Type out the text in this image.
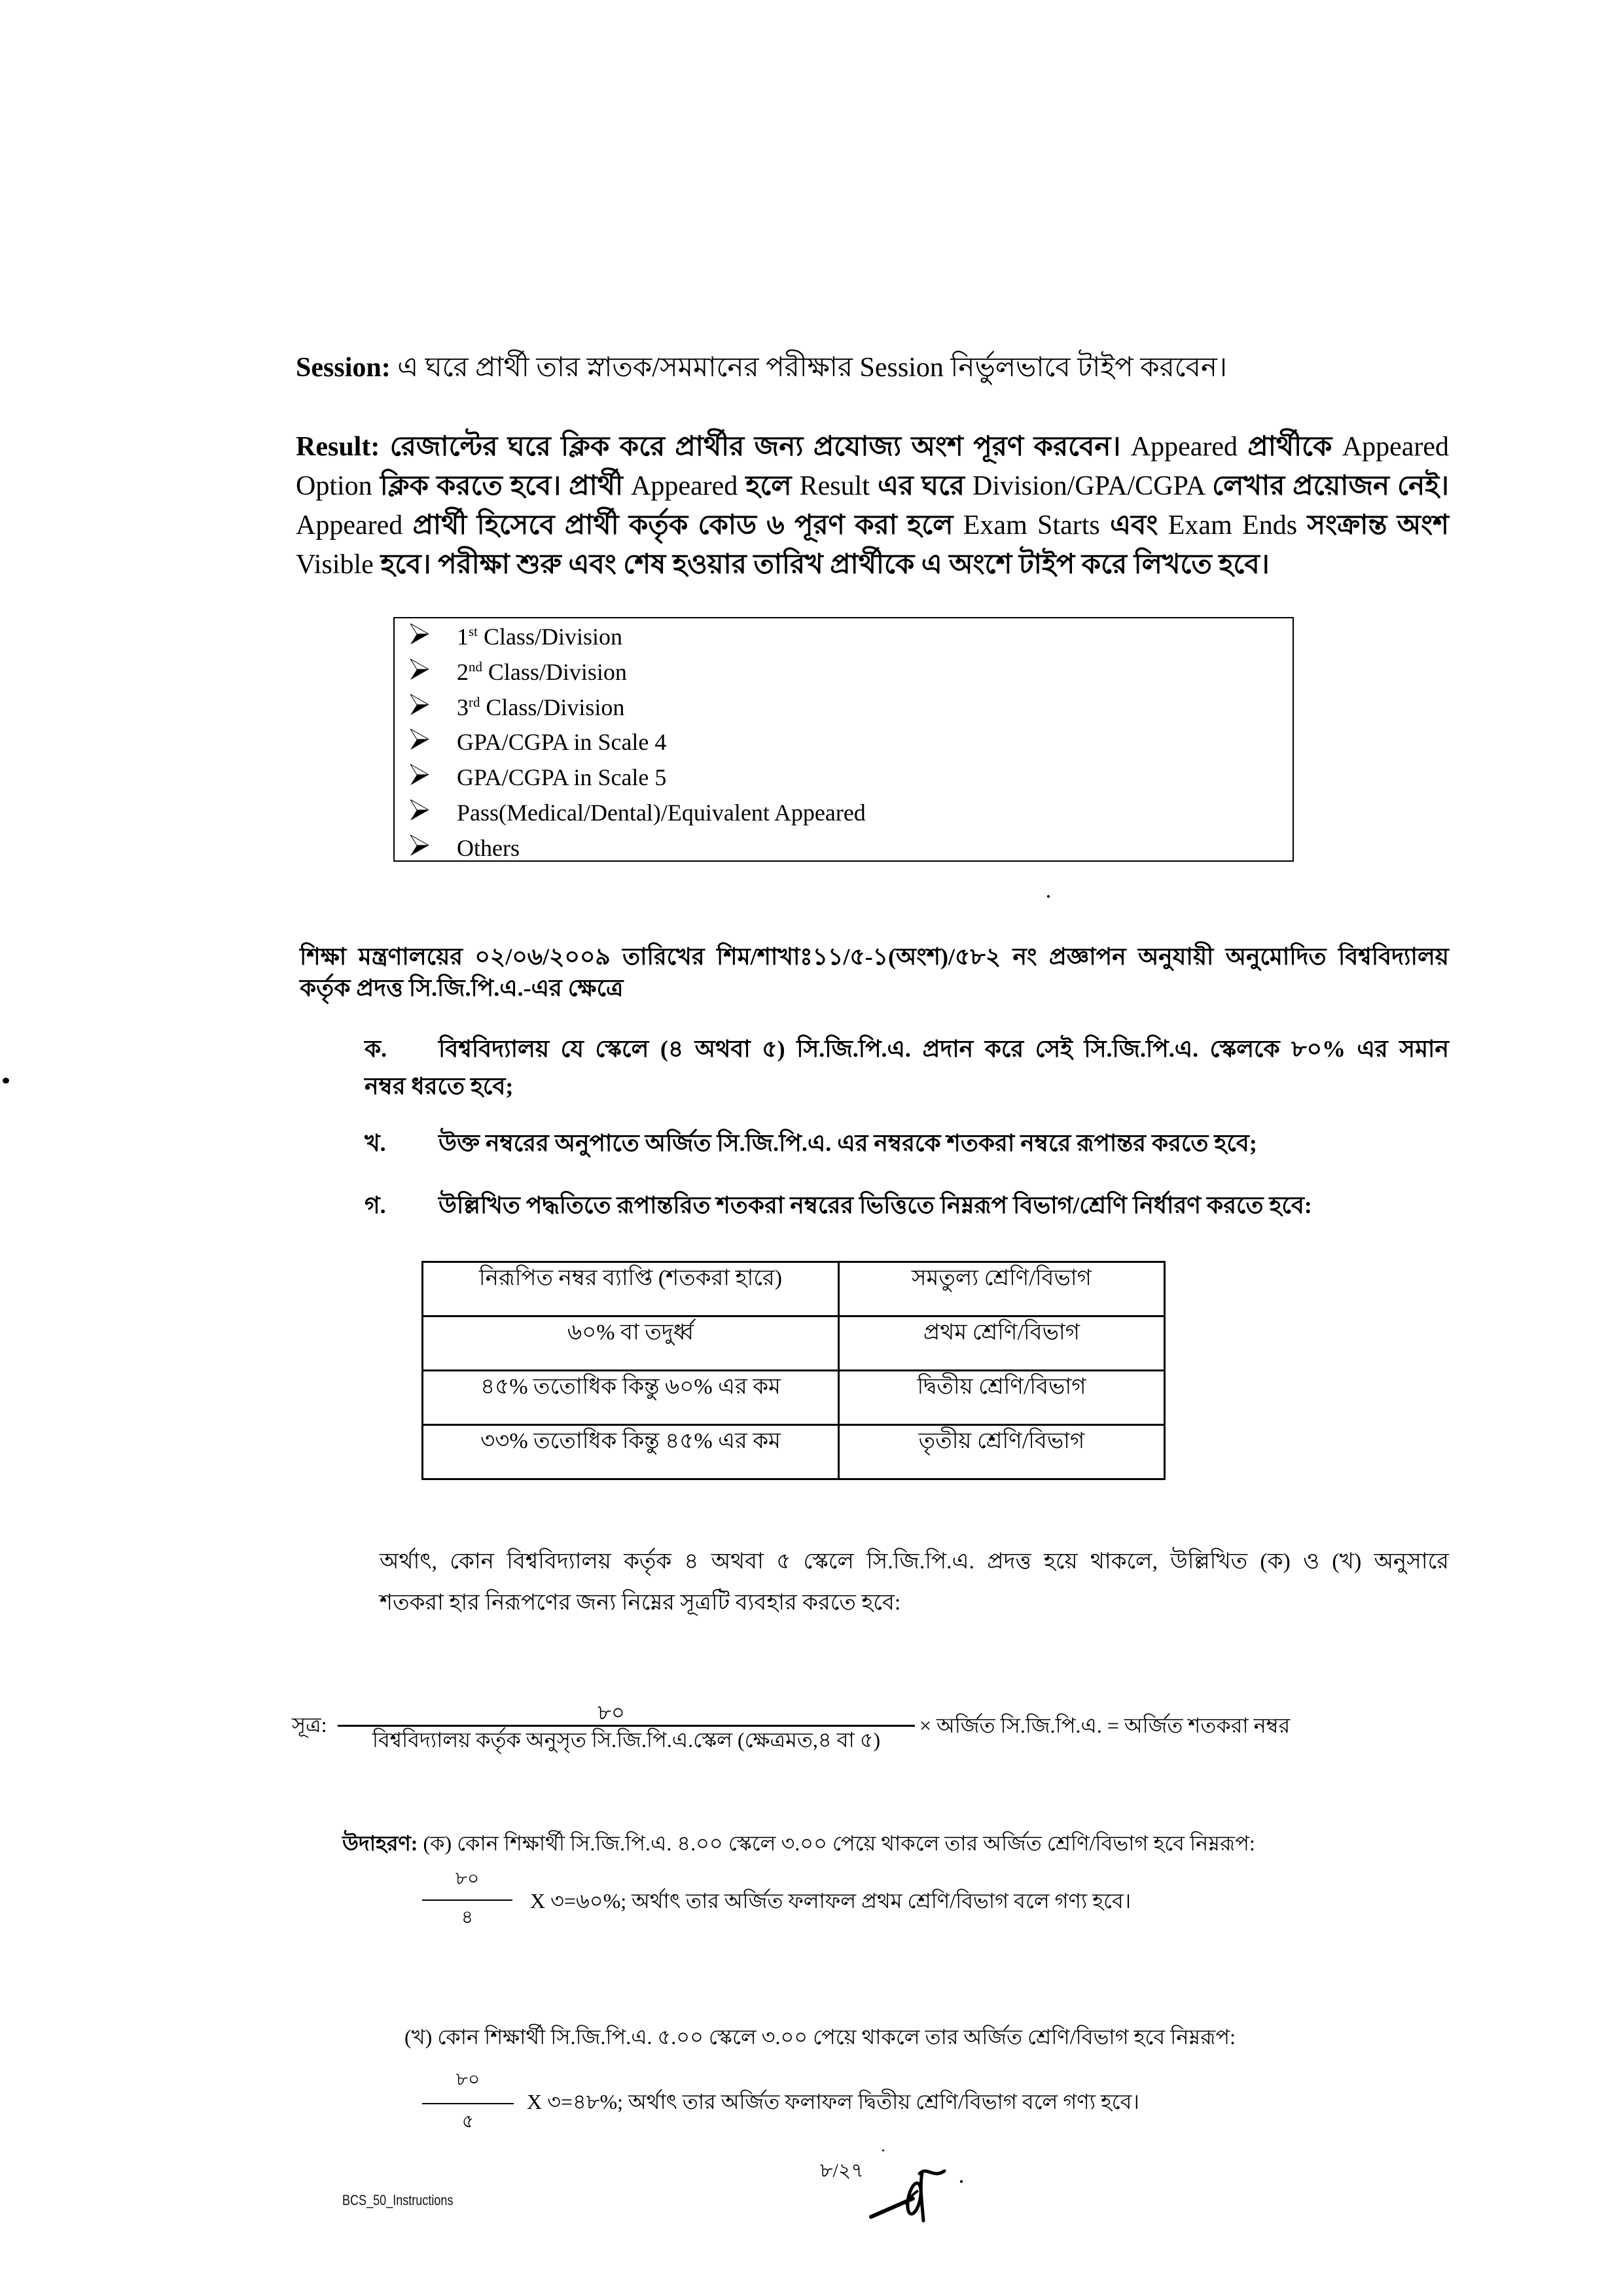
Session: এ ঘরে প্রার্থী তার স্নাতক/সমমানের পরীক্ষার Session নির্ভুলভাবে টাইপ করবেন।
Result: রেজাল্টের ঘরে ক্লিক করে প্রার্থীর জন্য প্রযোজ্য অংশ পূরণ করবেন। Appeared প্রার্থীকে Appeared
Option ক্লিক করতে হবে। প্রার্থী Appeared হলে Result এর ঘরে Division/GPA/CGPA লেখার প্রয়োজন নেই।
Appeared প্রার্থী হিসেবে প্রার্থী কর্তৃক কোড ৬ পূরণ করা হলে Exam Starts এবং Exam Ends সংক্রান্ত অংশ
Visible হবে। পরীক্ষা শুরু এবং শেষ হওয়ার তারিখ প্রার্থীকে এ অংশে টাইপ করে লিখতে হবে।
1st Class/Division
2nd Class/Division
3rd Class/Division
GPA/CGPA in Scale 4
GPA/CGPA in Scale 5
Pass(Medical/Dental)/Equivalent Appeared
Others
শিক্ষা মন্ত্রণালয়ের ০২/০৬/২০০৯ তারিখের শিম/শাখাঃ১১/৫-১(অংশ)/৫৮২ নং প্রজ্ঞাপন অনুযায়ী অনুমোদিত বিশ্ববিদ্যালয়
কর্তৃক প্রদত্ত সি.জি.পি.এ.-এর ক্ষেত্রে
ক. বিশ্ববিদ্যালয় যে স্কেলে (৪ অথবা ৫) সি.জি.পি.এ. প্রদান করে সেই সি.জি.পি.এ. স্কেলকে ৮০% এর সমান
নম্বর ধরতে হবে;
খ. উক্ত নম্বরের অনুপাতে অর্জিত সি.জি.পি.এ. এর নম্বরকে শতকরা নম্বরে রূপান্তর করতে হবে;
গ. উল্লিখিত পদ্ধতিতে রূপান্তরিত শতকরা নম্বরের ভিত্তিতে নিম্নরূপ বিভাগ/শ্রেণি নির্ধারণ করতে হবে:
নিরূপিত নম্বর ব্যাপ্তি (শতকরা হারে)	সমতুল্য শ্রেণি/বিভাগ
৬০% বা তদুর্ধ্ব	প্রথম শ্রেণি/বিভাগ
৪৫% ততোধিক কিন্তু ৬০% এর কম	দ্বিতীয় শ্রেণি/বিভাগ
৩৩% ততোধিক কিন্তু ৪৫% এর কম	তৃতীয় শ্রেণি/বিভাগ
অর্থাৎ, কোন বিশ্ববিদ্যালয় কর্তৃক ৪ অথবা ৫ স্কেলে সি.জি.পি.এ. প্রদত্ত হয়ে থাকলে, উল্লিখিত (ক) ও (খ) অনুসারে
শতকরা হার নিরূপণের জন্য নিম্নের সূত্রটি ব্যবহার করতে হবে:
সূত্র:
৮০
বিশ্ববিদ্যালয় কর্তৃক অনুসৃত সি.জি.পি.এ.স্কেল (ক্ষেত্রমত,৪ বা ৫)
× অর্জিত সি.জি.পি.এ. = অর্জিত শতকরা নম্বর
উদাহরণ: (ক) কোন শিক্ষার্থী সি.জি.পি.এ. ৪.০০ স্কেলে ৩.০০ পেয়ে থাকলে তার অর্জিত শ্রেণি/বিভাগ হবে নিম্নরূপ:
৮০
৪
X ৩=৬০%; অর্থাৎ তার অর্জিত ফলাফল প্রথম শ্রেণি/বিভাগ বলে গণ্য হবে।
(খ) কোন শিক্ষার্থী সি.জি.পি.এ. ৫.০০ স্কেলে ৩.০০ পেয়ে থাকলে তার অর্জিত শ্রেণি/বিভাগ হবে নিম্নরূপ:
৮০
৫
X ৩=৪৮%; অর্থাৎ তার অর্জিত ফলাফল দ্বিতীয় শ্রেণি/বিভাগ বলে গণ্য হবে।
৮/২৭
BCS_50_Instructions
